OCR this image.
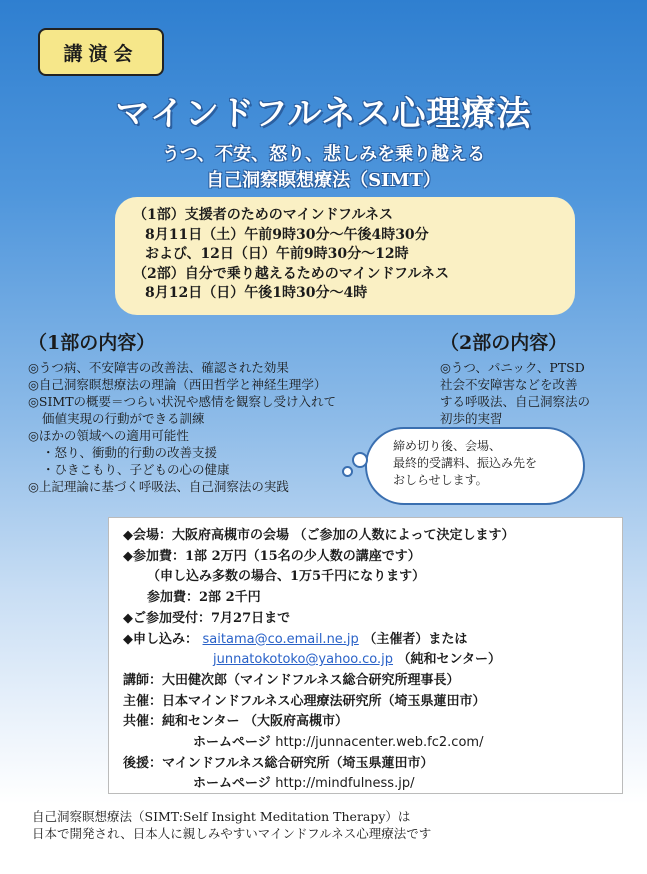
講演会
マインドフルネス心理療法
うつ、不安、怒り、悲しみを乗り越える
自己洞察瞑想療法（SIMT）
（1部）支援者のためのマインドフルネス
8月11日（土）午前9時30分～午後4時30分
および、12日（日）午前9時30分～12時
（2部）自分で乗り越えるためのマインドフルネス
8月12日（日）午後1時30分～4時
（1部の内容）
◎うつ病、不安障害の改善法、確認された効果
◎自己洞察瞑想療法の理論（西田哲学と神経生理学）
◎SIMTの概要＝つらい状況や感情を観察し受け入れて
価値実現の行動ができる訓練
◎ほかの領域への適用可能性
・怒り、衝動的行動の改善支援
・ひきこもり、子どもの心の健康
◎上記理論に基づく呼吸法、自己洞察法の実践
（2部の内容）
◎うつ、パニック、PTSD
社会不安障害などを改善
する呼吸法、自己洞察法の
初歩的実習
締め切り後、会場、
最終的受講料、振込み先を
おしらせします。
◆会場：大阪府高槻市の会場 （ご参加の人数によって決定します）
◆参加費：1部 2万円（15名の少人数の講座です）
（申し込み多数の場合、1万5千円になります）
参加費：2部 2千円
◆ご参加受付：7月27日まで
◆申し込み： saitama@co.email.ne.jp （主催者）または
junnatokotoko@yahoo.co.jp （純和センター）
講師：大田健次郎（マインドフルネス総合研究所理事長）
主催：日本マインドフルネス心理療法研究所（埼玉県蓮田市）
共催：純和センター （大阪府高槻市）
ホームページ http://junnacenter.web.fc2.com/
後援：マインドフルネス総合研究所（埼玉県蓮田市）
ホームページ http://mindfulness.jp/
自己洞察瞑想療法（SIMT:Self Insight Meditation Therapy）は
日本で開発され、日本人に親しみやすいマインドフルネス心理療法です
